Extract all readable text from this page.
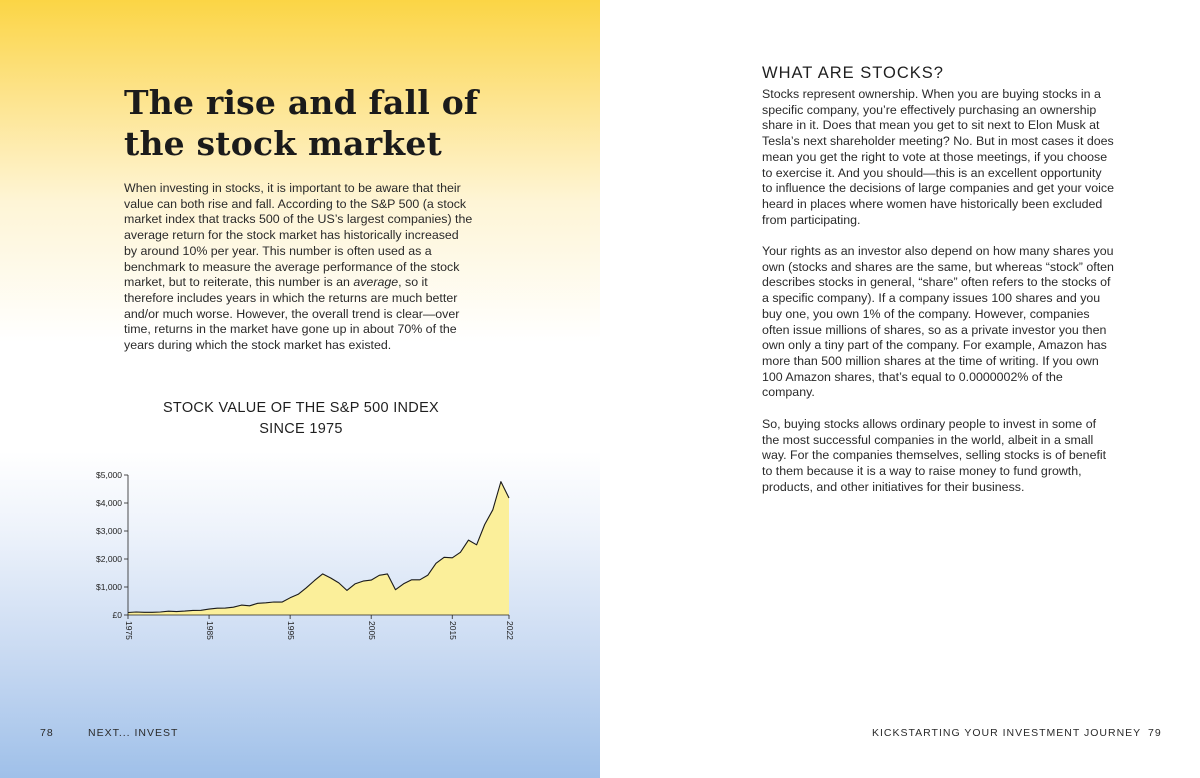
The rise and fall of
the stock market

When investing in stocks, it is important to be aware that their value can both rise and fall. According to the S&P 500 (a stock market index that tracks 500 of the US’s largest companies) the average return for the stock market has historically increased by around 10% per year. This number is often used as a benchmark to measure the average performance of the stock market, but to reiterate, this number is an average, so it therefore includes years in which the returns are much better and/or much worse. However, the overall trend is clear—over time, returns in the market have gone up in about 70% of the years during which the stock market has existed.

STOCK VALUE OF THE S&P 500 INDEX
SINCE 1975
£0
$1,000
$2,000
$3,000
$4,000
$5,000
1975	1985	1995	2005	2015	2022
78	NEXT... INVEST
WHAT ARE STOCKS?

Stocks represent ownership. When you are buying stocks in a specific company, you’re effectively purchasing an ownership share in it. Does that mean you get to sit next to Elon Musk at Tesla’s next shareholder meeting? No. But in most cases it does mean you get the right to vote at those meetings, if you choose to exercise it. And you should—this is an excellent opportunity to influence the decisions of large companies and get your voice heard in places where women have historically been excluded from participating.

Your rights as an investor also depend on how many shares you own (stocks and shares are the same, but whereas “stock” often describes stocks in general, “share” often refers to the stocks of a specific company). If a company issues 100 shares and you buy one, you own 1% of the company. However, companies often issue millions of shares, so as a private investor you then own only a tiny part of the company. For example, Amazon has more than 500 million shares at the time of writing. If you own 100 Amazon shares, that’s equal to 0.0000002% of the company.

So, buying stocks allows ordinary people to invest in some of the most successful companies in the world, albeit in a small way. For the companies themselves, selling stocks is of benefit to them because it is a way to raise money to fund growth, products, and other initiatives for their business.

KICKSTARTING YOUR INVESTMENT JOURNEY 79
